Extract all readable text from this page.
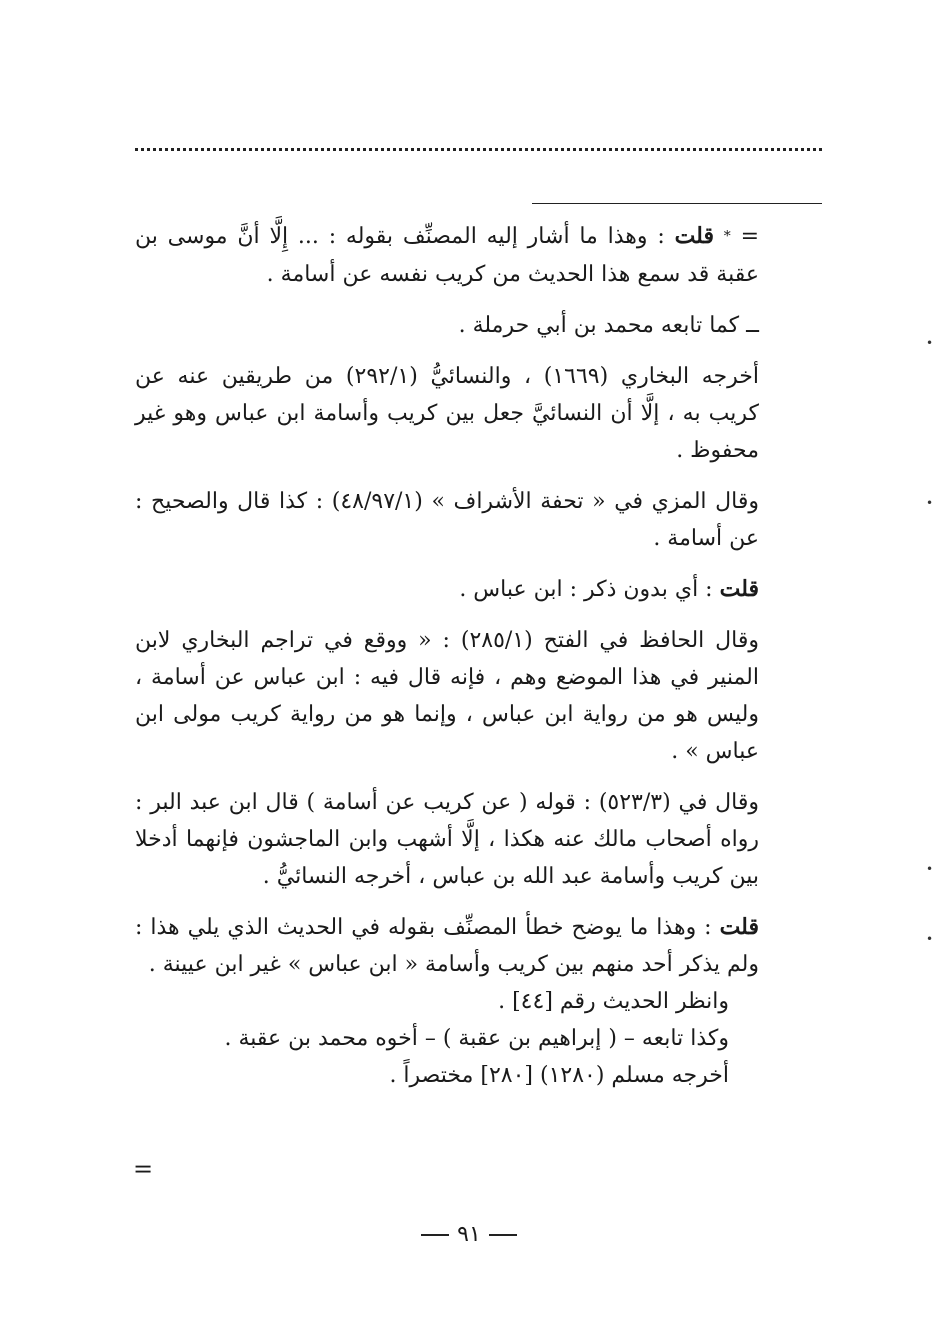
= * قلت : وهذا ما أشار إليه المصنِّف بقوله : ... إِلَّا أنَّ موسى بن عقبة قد سمع هذا الحديث من كريب نفسه عن أسامة .

ــ كما تابعه محمد بن أبي حرملة .

أخرجه البخاري (١٦٦٩) ، والنسائيُّ (٢٩٢/١) من طريقين عنه عن كريب به ، إلَّا أن النسائيَّ جعل بين كريب وأسامة ابن عباس وهو غير محفوظ .

وقال المزي في « تحفة الأشراف » (٤٨/٩٧/١) : كذا قال والصحيح : عن أسامة .

قلت : أي بدون ذكر : ابن عباس .

وقال الحافظ في الفتح (٢٨٥/١) : « ووقع في تراجم البخاري لابن المنير في هذا الموضع وهم ، فإنه قال فيه : ابن عباس عن أسامة ، وليس هو من رواية ابن عباس ، وإنما هو من رواية كريب مولى ابن عباس » .

وقال في (٥٢٣/٣) : قوله ( عن كريب عن أسامة ) قال ابن عبد البر : رواه أصحاب مالك عنه هكذا ، إلَّا أشهب وابن الماجشون فإنهما أدخلا بين كريب وأسامة عبد الله بن عباس ، أخرجه النسائيُّ .

قلت : وهذا ما يوضح خطأ المصنِّف بقوله في الحديث الذي يلي هذا : ولم يذكر أحد منهم بين كريب وأسامة « ابن عباس » غير ابن عيينة .

وانظر الحديث رقم [٤٤] .

وكذا تابعه – ( إبراهيم بن عقبة ) – أخوه محمد بن عقبة .

أخرجه مسلم (١٢٨٠) [٢٨٠] مختصراً .

=
٩١
•
•
•
•
